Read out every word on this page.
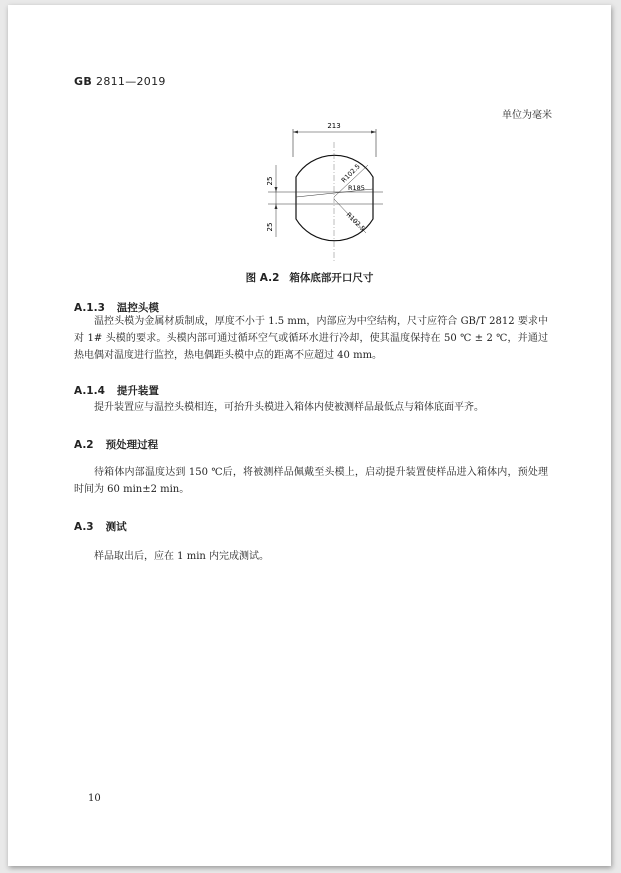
GB 2811—2019
单位为毫米
213
25
25
R102.5
R185
R102.5
图 A.2 箱体底部开口尺寸
A.1.3 温控头模

温控头模为金属材质制成，厚度不小于 1.5 mm，内部应为中空结构，尺寸应符合 GB/T 2812 要求中对 1# 头模的要求。头模内部可通过循环空气或循环水进行冷却，使其温度保持在 50 ℃ ± 2 ℃，并通过热电偶对温度进行监控，热电偶距头模中点的距离不应超过 40 mm。

A.1.4 提升装置

提升装置应与温控头模相连，可抬升头模进入箱体内使被测样品最低点与箱体底面平齐。

A.2 预处理过程

待箱体内部温度达到 150 ℃后，将被测样品佩戴至头模上，启动提升装置使样品进入箱体内，预处理时间为 60 min±2 min。

A.3 测试

样品取出后，应在 1 min 内完成测试。

10
